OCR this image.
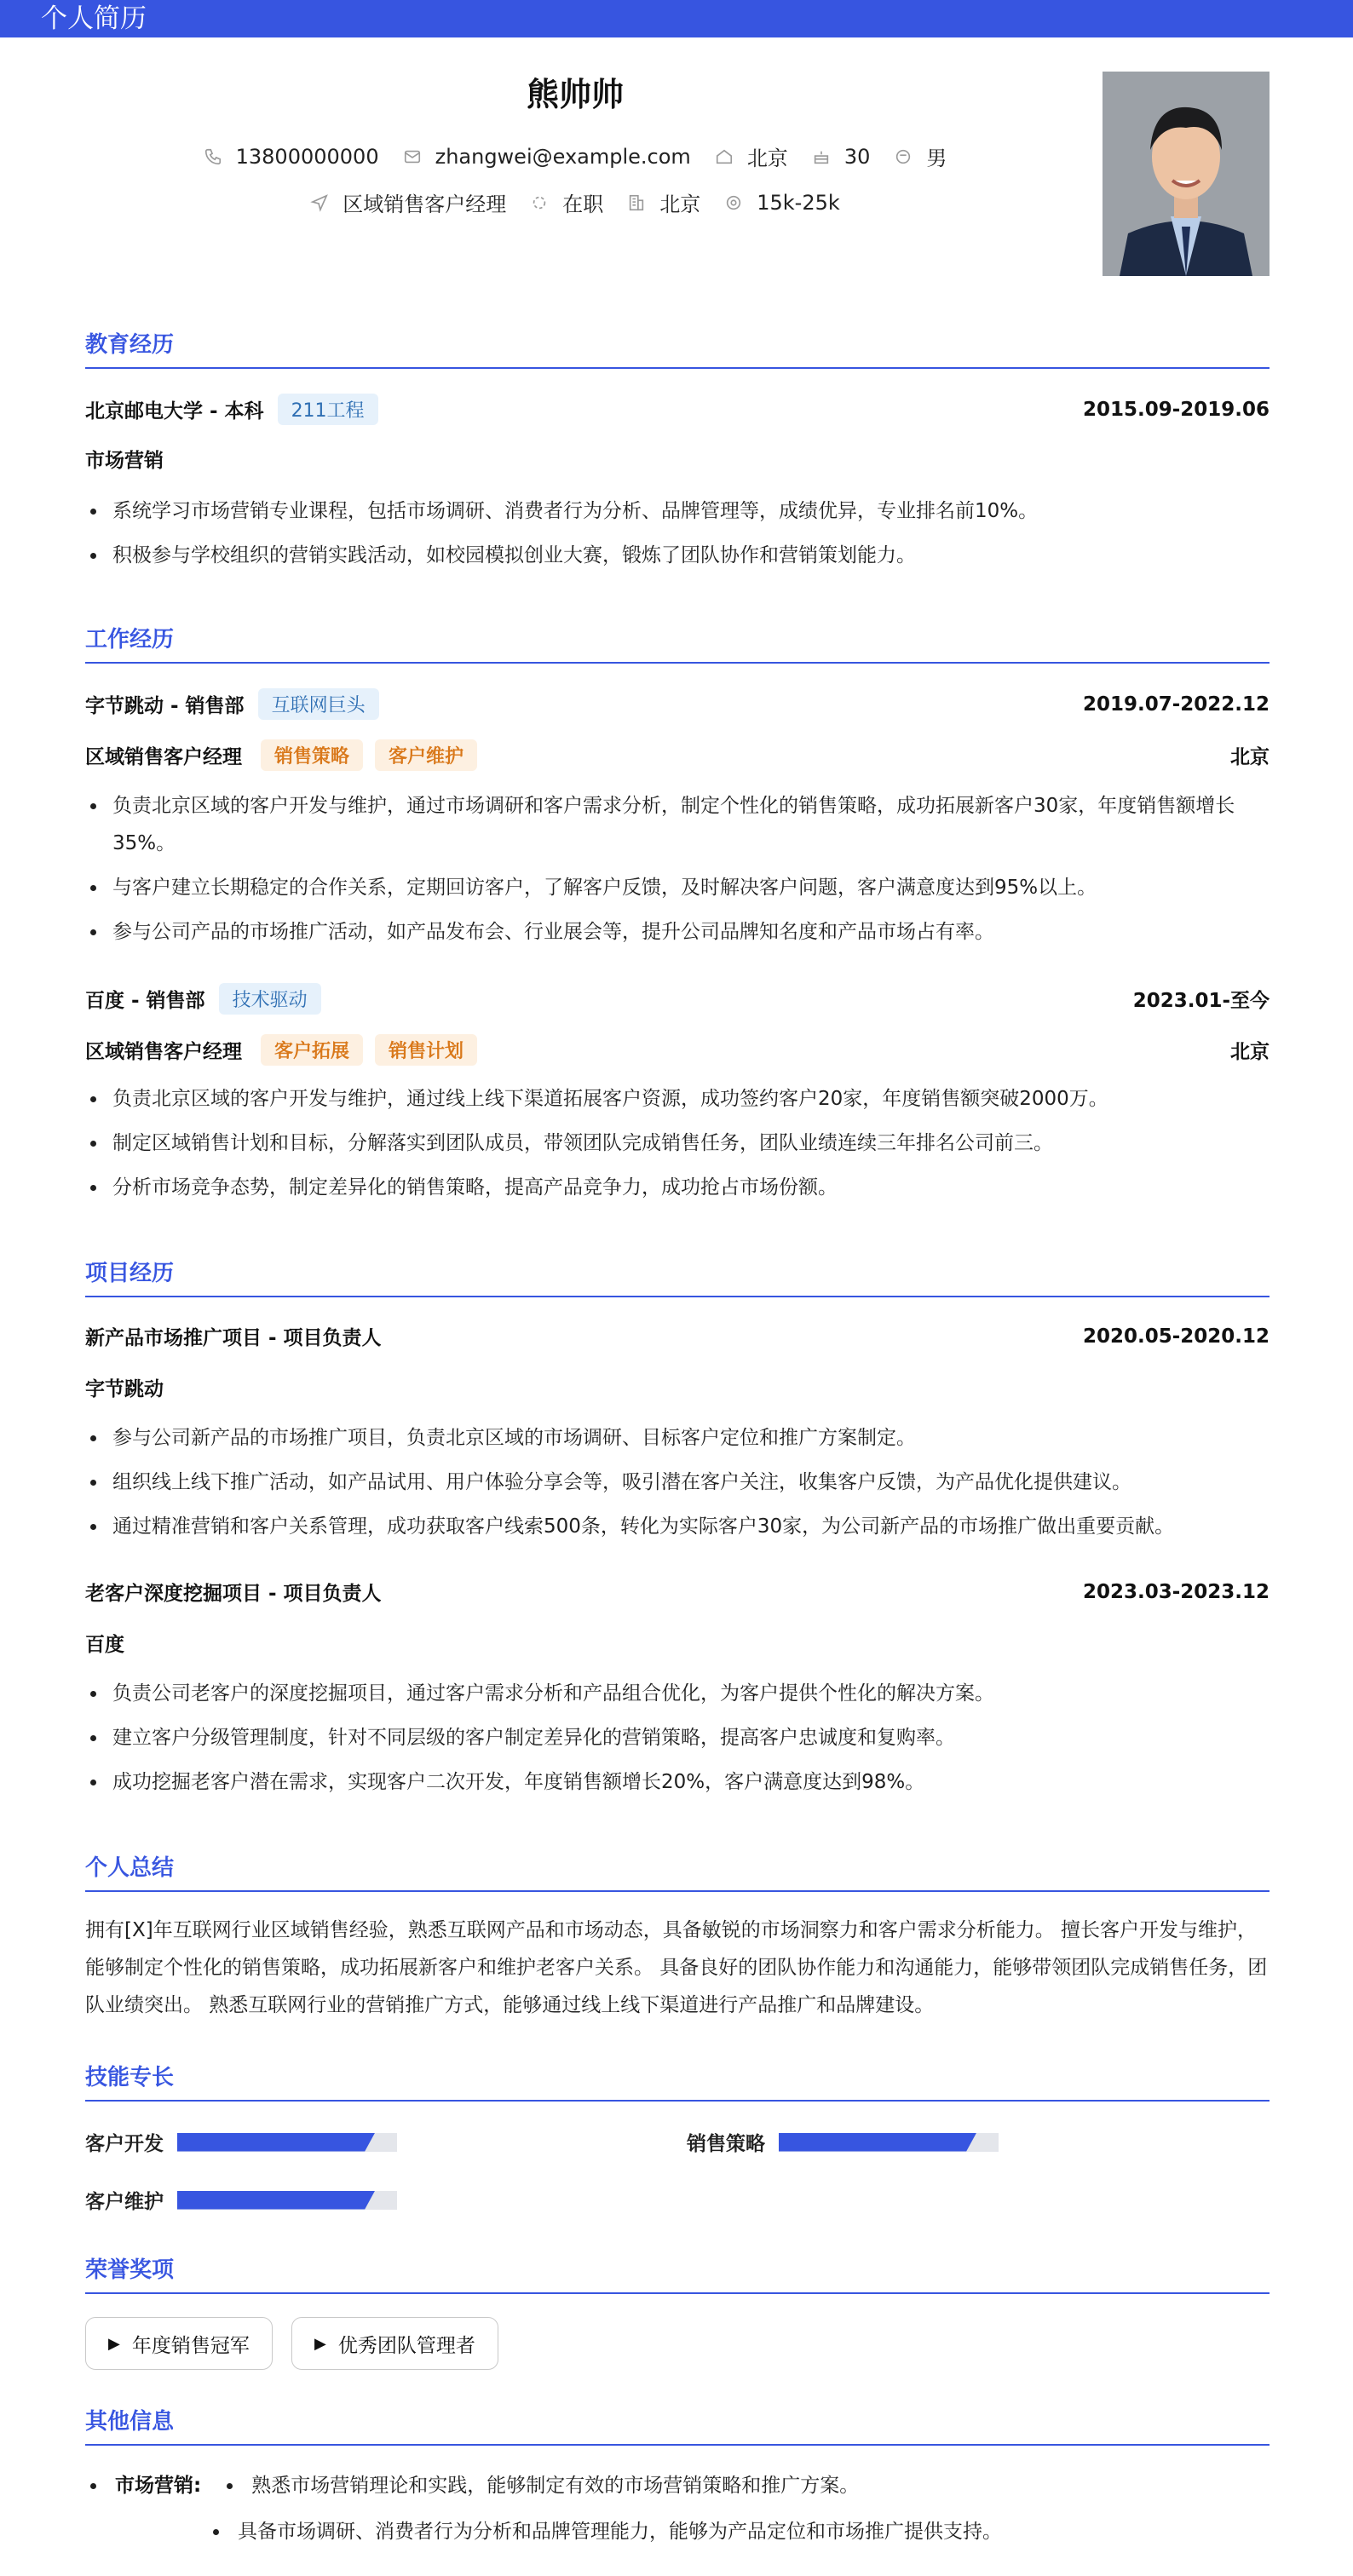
个人简历
熊帅帅
13800000000	zhangwei@example.com	北京	30	男
区域销售客户经理	在职	北京	15k-25k
教育经历
北京邮电大学 - 本科	211工程	2015.09-2019.06
市场营销
系统学习市场营销专业课程，包括市场调研、消费者行为分析、品牌管理等，成绩优异，专业排名前10%。
积极参与学校组织的营销实践活动，如校园模拟创业大赛，锻炼了团队协作和营销策划能力。
工作经历
字节跳动 - 销售部	互联网巨头	2019.07-2022.12
区域销售客户经理	销售策略	客户维护	北京
负责北京区域的客户开发与维护，通过市场调研和客户需求分析，制定个性化的销售策略，成功拓展新客户30家，年度销售额增长35%。
与客户建立长期稳定的合作关系，定期回访客户，了解客户反馈，及时解决客户问题，客户满意度达到95%以上。
参与公司产品的市场推广活动，如产品发布会、行业展会等，提升公司品牌知名度和产品市场占有率。
百度 - 销售部	技术驱动	2023.01-至今
区域销售客户经理	客户拓展	销售计划	北京
负责北京区域的客户开发与维护，通过线上线下渠道拓展客户资源，成功签约客户20家，年度销售额突破2000万。
制定区域销售计划和目标，分解落实到团队成员，带领团队完成销售任务，团队业绩连续三年排名公司前三。
分析市场竞争态势，制定差异化的销售策略，提高产品竞争力，成功抢占市场份额。
项目经历
新产品市场推广项目 - 项目负责人	2020.05-2020.12
字节跳动
参与公司新产品的市场推广项目，负责北京区域的市场调研、目标客户定位和推广方案制定。
组织线上线下推广活动，如产品试用、用户体验分享会等，吸引潜在客户关注，收集客户反馈，为产品优化提供建议。
通过精准营销和客户关系管理，成功获取客户线索500条，转化为实际客户30家，为公司新产品的市场推广做出重要贡献。
老客户深度挖掘项目 - 项目负责人	2023.03-2023.12
百度
负责公司老客户的深度挖掘项目，通过客户需求分析和产品组合优化，为客户提供个性化的解决方案。
建立客户分级管理制度，针对不同层级的客户制定差异化的营销策略，提高客户忠诚度和复购率。
成功挖掘老客户潜在需求，实现客户二次开发，年度销售额增长20%，客户满意度达到98%。
个人总结
拥有[X]年互联网行业区域销售经验，熟悉互联网产品和市场动态，具备敏锐的市场洞察力和客户需求分析能力。 擅长客户开发与维护，能够制定个性化的销售策略，成功拓展新客户和维护老客户关系。 具备良好的团队协作能力和沟通能力，能够带领团队完成销售任务，团队业绩突出。 熟悉互联网行业的营销推广方式，能够通过线上线下渠道进行产品推广和品牌建设。
技能专长
客户开发	销售策略
客户维护
荣誉奖项
▶ 年度销售冠军	▶ 优秀团队管理者
其他信息
市场营销:	熟悉市场营销理论和实践，能够制定有效的市场营销策略和推广方案。
具备市场调研、消费者行为分析和品牌管理能力，能够为产品定位和市场推广提供支持。
